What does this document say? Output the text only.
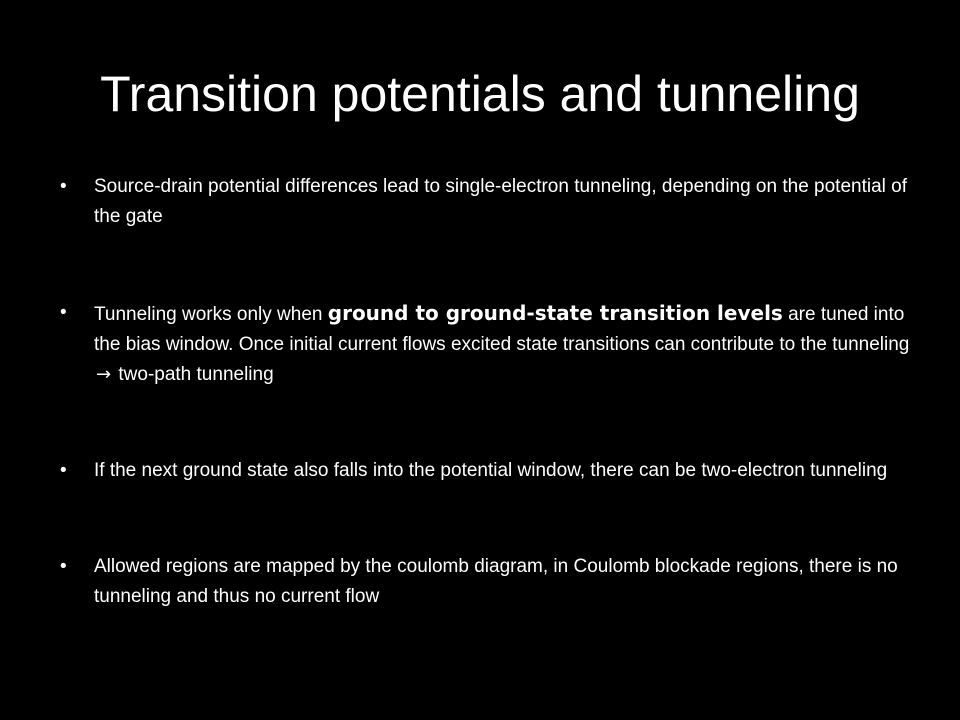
Transition potentials and tunneling
• Source-drain potential differences lead to single-electron tunneling, depending on the potential of the gate
• Tunneling works only when ground to ground-state transition levels are tuned into the bias window. Once initial current flows excited state transitions can contribute to the tunneling → two-path tunneling
• If the next ground state also falls into the potential window, there can be two-electron tunneling
• Allowed regions are mapped by the coulomb diagram, in Coulomb blockade regions, there is no tunneling and thus no current flow
